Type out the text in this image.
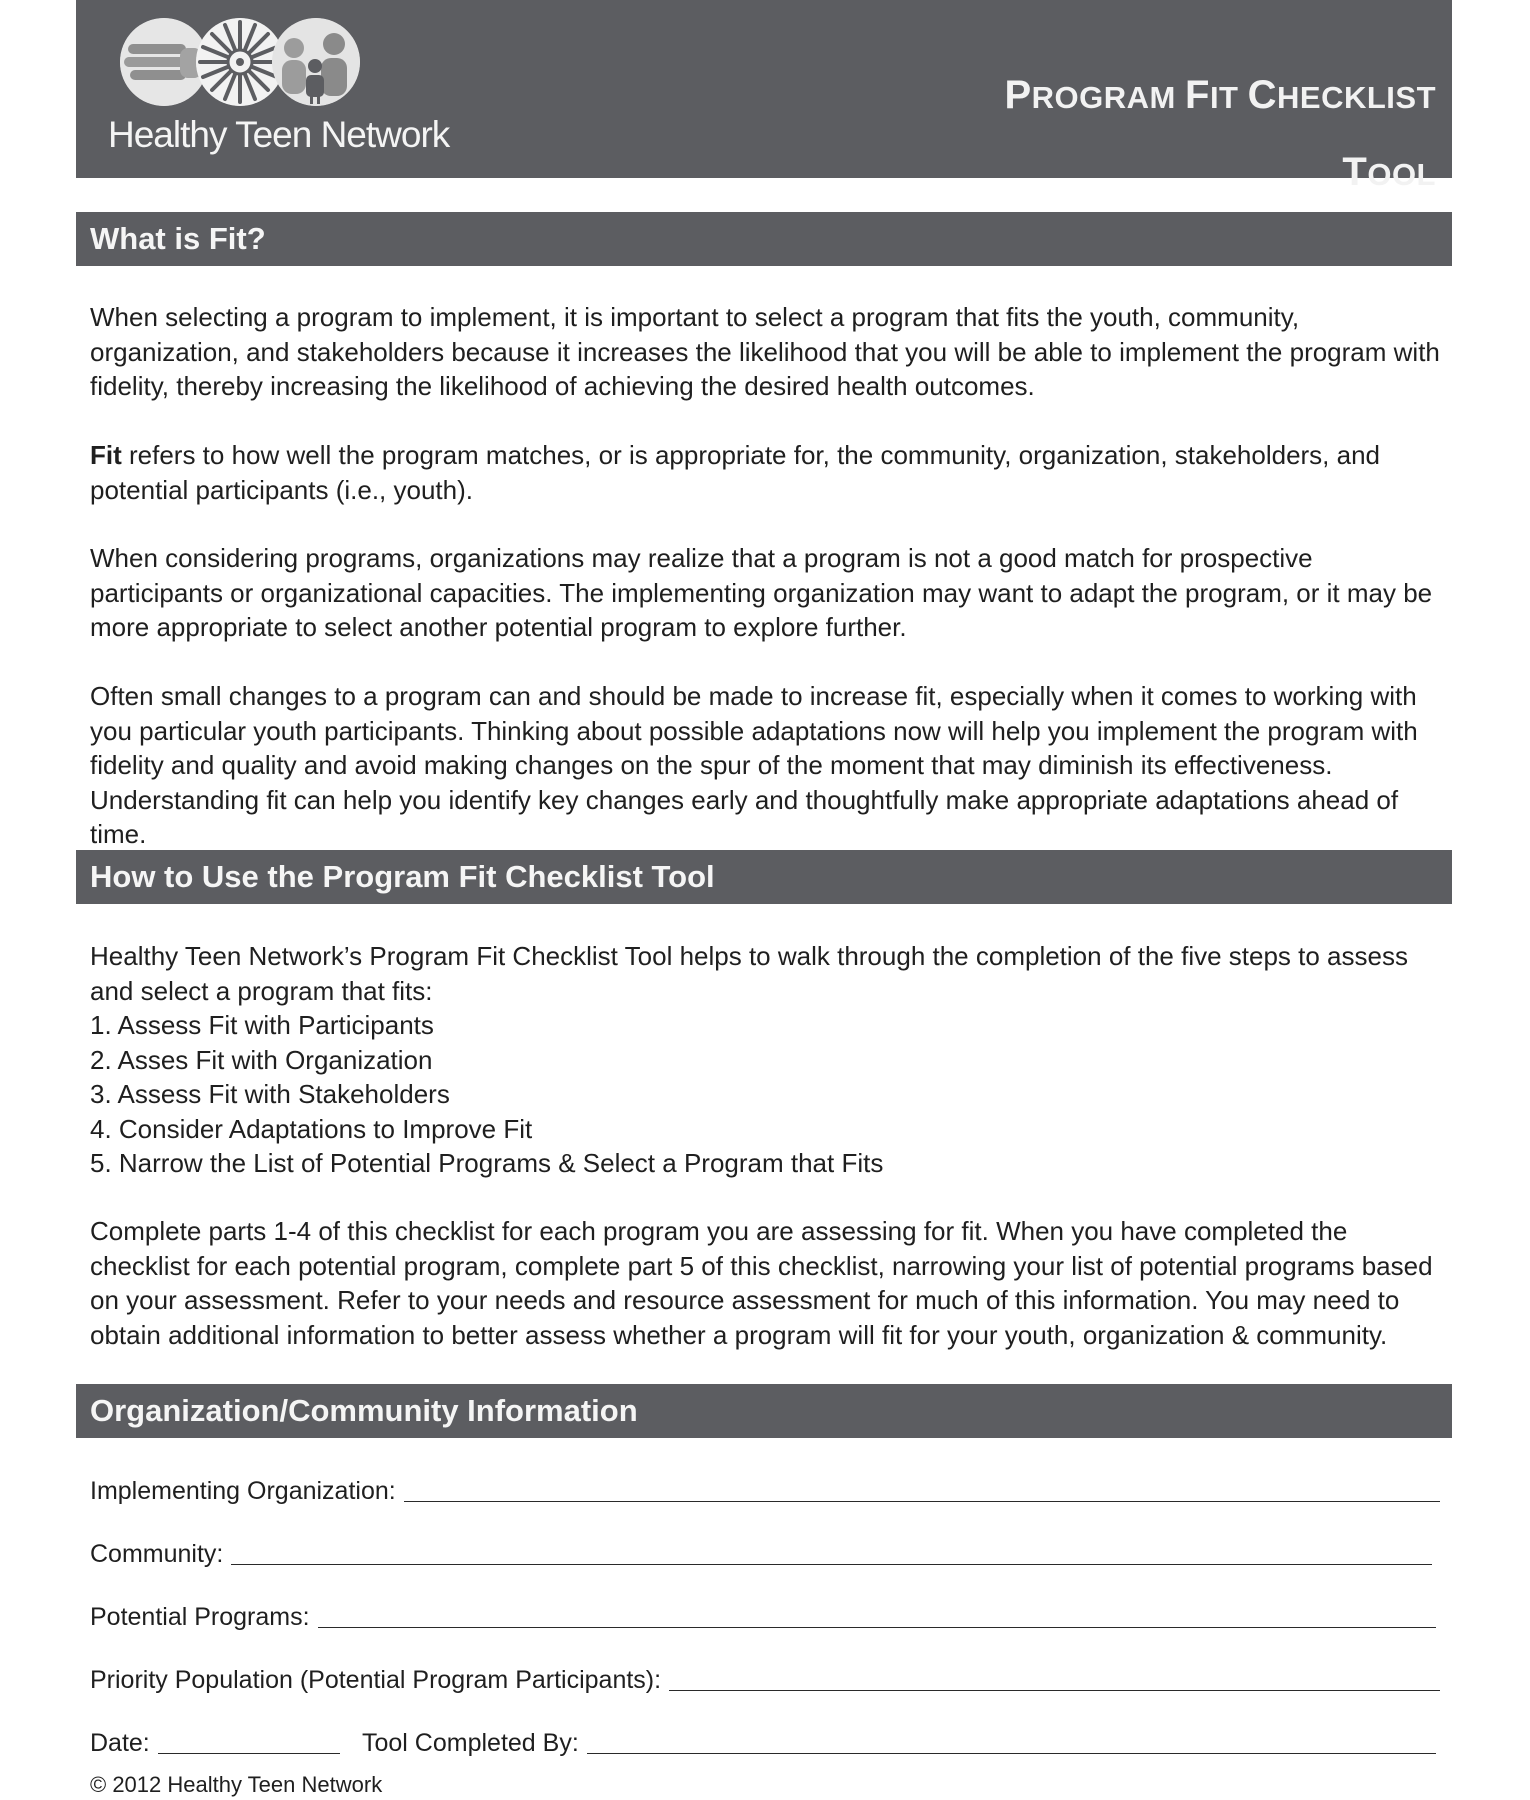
Healthy Teen Network
PROGRAM FIT CHECKLIST
TOOL
What is Fit?

When selecting a program to implement, it is important to select a program that fits the youth, community, organization, and stakeholders because it increases the likelihood that you will be able to implement the program with fidelity, thereby increasing the likelihood of achieving the desired health outcomes.

Fit refers to how well the program matches, or is appropriate for, the community, organization, stakeholders, and potential participants (i.e., youth).

When considering programs, organizations may realize that a program is not a good match for prospective participants or organizational capacities. The implementing organization may want to adapt the program, or it may be more appropriate to select another potential program to explore further.

Often small changes to a program can and should be made to increase fit, especially when it comes to working with you particular youth participants. Thinking about possible adaptations now will help you implement the program with fidelity and quality and avoid making changes on the spur of the moment that may diminish its effectiveness. Understanding fit can help you identify key changes early and thoughtfully make appropriate adaptations ahead of time.

How to Use the Program Fit Checklist Tool

Healthy Teen Network’s Program Fit Checklist Tool helps to walk through the completion of the five steps to assess and select a program that fits:

1. Assess Fit with Participants
2. Asses Fit with Organization
3. Assess Fit with Stakeholders
4. Consider Adaptations to Improve Fit
5. Narrow the List of Potential Programs & Select a Program that Fits

Complete parts 1-4 of this checklist for each program you are assessing for fit. When you have completed the checklist for each potential program, complete part 5 of this checklist, narrowing your list of potential programs based on your assessment. Refer to your needs and resource assessment for much of this information. You may need to obtain additional information to better assess whether a program will fit for your youth, organization & community.

Organization/Community Information
Implementing Organization:
Community:
Potential Programs:
Priority Population (Potential Program Participants):
Date:	Tool Completed By:
© 2012 Healthy Teen Network
